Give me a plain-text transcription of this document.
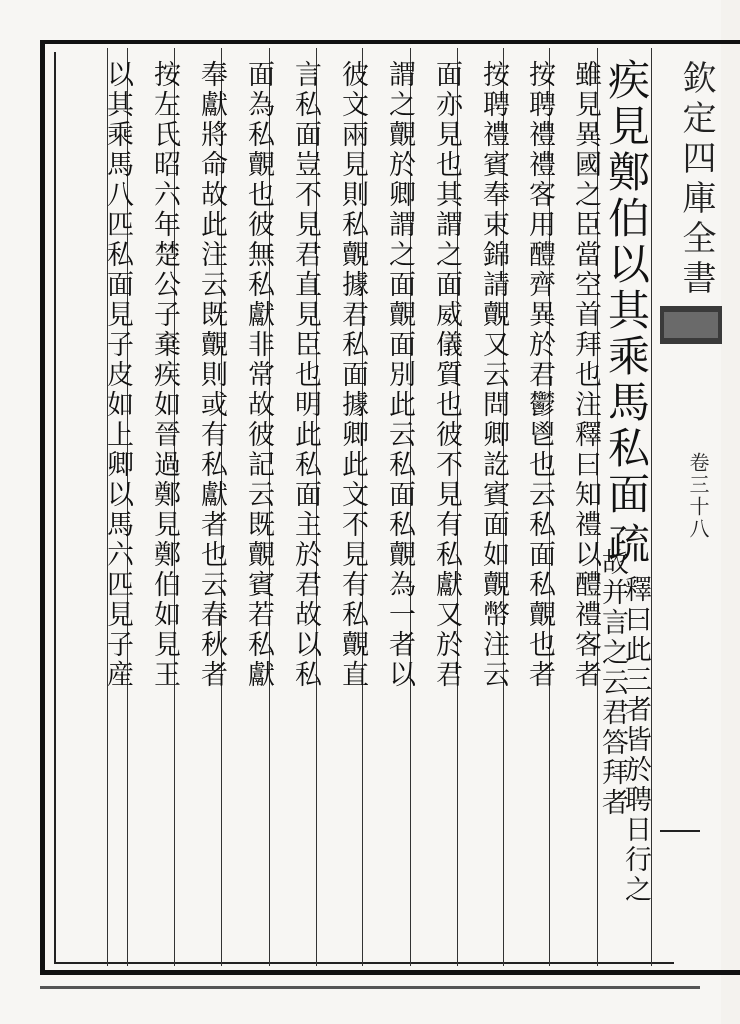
欽定四庫全書
卷三十八
疾見鄭伯以其乘馬私面
疏
釋曰此三者皆於聘日行之
故并言之云君答拜者
雖見異國之臣當空首拜也注釋曰知禮以醴禮客者
按聘禮禮客用醴齊異於君鬱鬯也云私面私覿也者
按聘禮賓奉束錦請覿又云問卿訖賓面如覿幣注云
面亦見也其謂之面威儀質也彼不見有私獻又於君
謂之覿於卿謂之面覿面別此云私面私覿為一者以
彼文兩見則私覿據君私面據卿此文不見有私覿直
言私面豈不見君直見臣也明此私面主於君故以私
面為私覿也彼無私獻非常故彼記云既覿賓若私獻
奉獻將命故此注云既覿則或有私獻者也云春秋者
按左氏昭六年楚公子棄疾如晉過鄭見鄭伯如見王
以其乘馬八匹私面見子皮如上卿以馬六匹見子産
